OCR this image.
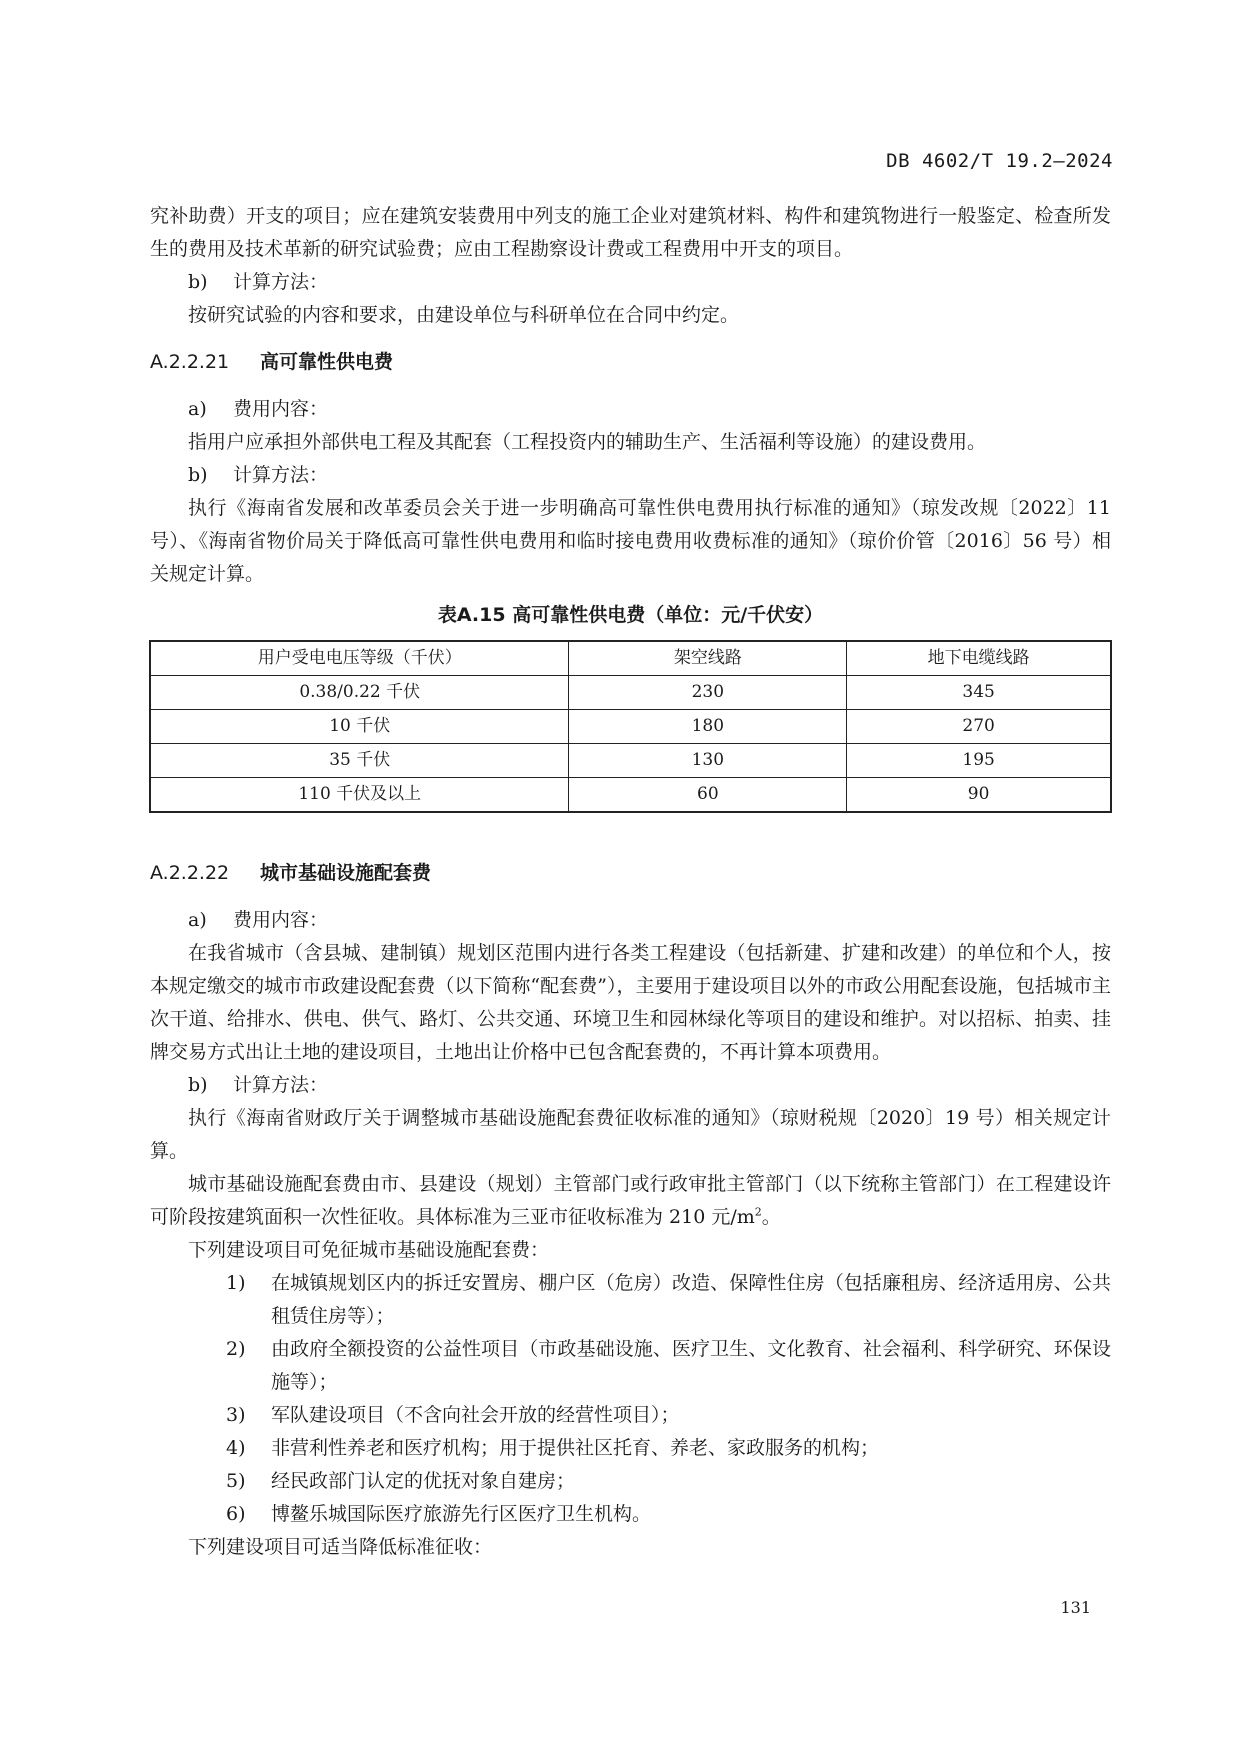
DB 4602/T 19.2—2024

究补助费）开支的项目；应在建筑安装费用中列支的施工企业对建筑材料、构件和建筑物进行一般鉴定、检查所发生的费用及技术革新的研究试验费；应由工程勘察设计费或工程费用中开支的项目。

b) 计算方法：

按研究试验的内容和要求，由建设单位与科研单位在合同中约定。

A.2.2.21 高可靠性供电费

a) 费用内容：

指用户应承担外部供电工程及其配套（工程投资内的辅助生产、生活福利等设施）的建设费用。

b) 计算方法：

执行《海南省发展和改革委员会关于进一步明确高可靠性供电费用执行标准的通知》（琼发改规〔2022〕11 号）、《海南省物价局关于降低高可靠性供电费用和临时接电费用收费标准的通知》（琼价价管〔2016〕56 号）相关规定计算。

表A.15 高可靠性供电费（单位：元/千伏安）

用户受电电压等级（千伏）	架空线路	地下电缆线路
0.38/0.22 千伏	230	345
10 千伏	180	270
35 千伏	130	195
110 千伏及以上	60	90

A.2.2.22 城市基础设施配套费

a) 费用内容：

在我省城市（含县城、建制镇）规划区范围内进行各类工程建设（包括新建、扩建和改建）的单位和个人，按本规定缴交的城市市政建设配套费（以下简称“配套费”），主要用于建设项目以外的市政公用配套设施，包括城市主次干道、给排水、供电、供气、路灯、公共交通、环境卫生和园林绿化等项目的建设和维护。对以招标、拍卖、挂牌交易方式出让土地的建设项目，土地出让价格中已包含配套费的，不再计算本项费用。

b) 计算方法：

执行《海南省财政厅关于调整城市基础设施配套费征收标准的通知》（琼财税规〔2020〕19 号）相关规定计算。

城市基础设施配套费由市、县建设（规划）主管部门或行政审批主管部门（以下统称主管部门）在工程建设许可阶段按建筑面积一次性征收。具体标准为三亚市征收标准为 210 元$/m^2$。

下列建设项目可免征城市基础设施配套费：

1)	在城镇规划区内的拆迁安置房、棚户区（危房）改造、保障性住房（包括廉租房、经济适用房、公共租赁住房等）；
2)	由政府全额投资的公益性项目（市政基础设施、医疗卫生、文化教育、社会福利、科学研究、环保设施等）；
3)	军队建设项目（不含向社会开放的经营性项目）；
4)	非营利性养老和医疗机构；用于提供社区托育、养老、家政服务的机构；
5)	经民政部门认定的优抚对象自建房；
6)	博鳌乐城国际医疗旅游先行区医疗卫生机构。

下列建设项目可适当降低标准征收：

131
